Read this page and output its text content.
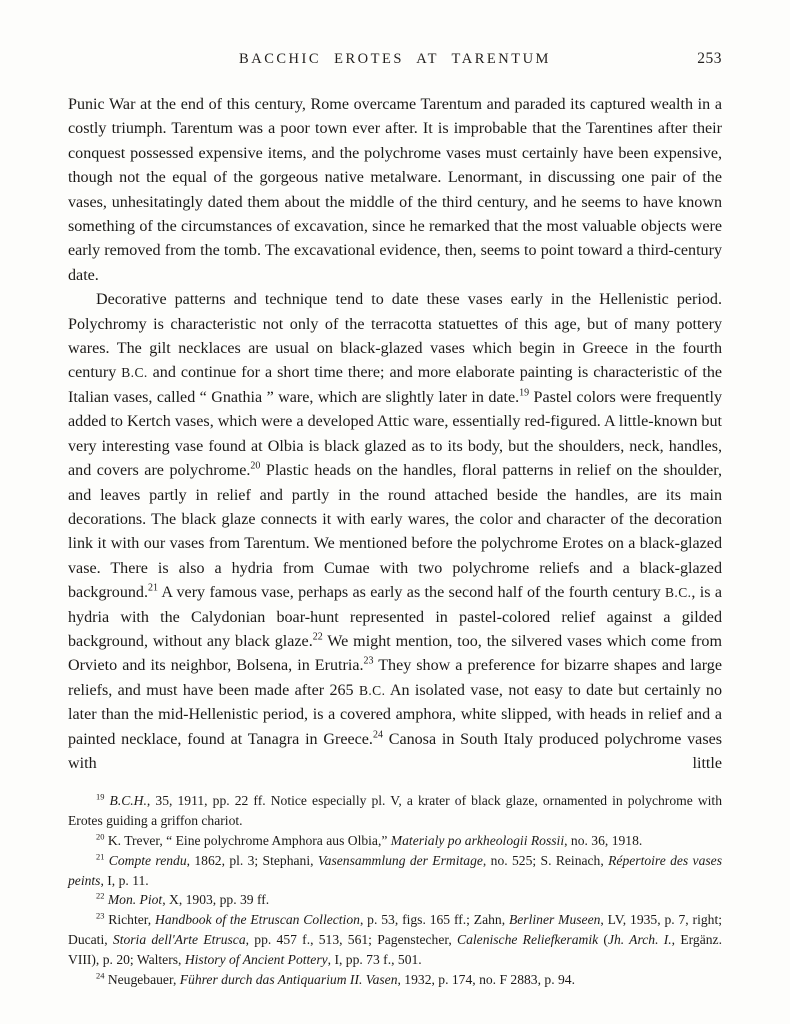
BACCHIC EROTES AT TARENTUM	253

Punic War at the end of this century, Rome overcame Tarentum and paraded its captured wealth in a costly triumph. Tarentum was a poor town ever after. It is improbable that the Tarentines after their conquest possessed expensive items, and the polychrome vases must certainly have been expensive, though not the equal of the gorgeous native metalware. Lenormant, in discussing one pair of the vases, unhesitatingly dated them about the middle of the third century, and he seems to have known something of the circumstances of excavation, since he remarked that the most valuable objects were early removed from the tomb. The excavational evidence, then, seems to point toward a third-century date.

Decorative patterns and technique tend to date these vases early in the Hellenistic period. Polychromy is characteristic not only of the terracotta statuettes of this age, but of many pottery wares. The gilt necklaces are usual on black-glazed vases which begin in Greece in the fourth century B.C. and continue for a short time there; and more elaborate painting is characteristic of the Italian vases, called “ Gnathia ” ware, which are slightly later in date.$^{19}$ Pastel colors were frequently added to Kertch vases, which were a developed Attic ware, essentially red-figured. A little-known but very interesting vase found at Olbia is black glazed as to its body, but the shoulders, neck, handles, and covers are polychrome.$^{20}$ Plastic heads on the handles, floral patterns in relief on the shoulder, and leaves partly in relief and partly in the round attached beside the handles, are its main decorations. The black glaze connects it with early wares, the color and character of the decoration link it with our vases from Tarentum. We mentioned before the polychrome Erotes on a black-glazed vase. There is also a hydria from Cumae with two polychrome reliefs and a black-glazed background.$^{21}$ A very famous vase, perhaps as early as the second half of the fourth century B.C., is a hydria with the Calydonian boar-hunt represented in pastel-colored relief against a gilded background, without any black glaze.$^{22}$ We might mention, too, the silvered vases which come from Orvieto and its neighbor, Bolsena, in Erutria.$^{23}$ They show a preference for bizarre shapes and large reliefs, and must have been made after 265 B.C. An isolated vase, not easy to date but certainly no later than the mid-Hellenistic period, is a covered amphora, white slipped, with heads in relief and a painted necklace, found at Tanagra in Greece.$^{24}$ Canosa in South Italy produced polychrome vases with little

$^{19}$ B.C.H., 35, 1911, pp. 22 ff. Notice especially pl. V, a krater of black glaze, ornamented in polychrome with Erotes guiding a griffon chariot.

$^{20}$ K. Trever, “ Eine polychrome Amphora aus Olbia,” Materialy po arkheologii Rossii, no. 36, 1918.

$^{21}$ Compte rendu, 1862, pl. 3; Stephani, Vasensammlung der Ermitage, no. 525; S. Reinach, Répertoire des vases peints, I, p. 11.

$^{22}$ Mon. Piot, X, 1903, pp. 39 ff.

$^{23}$ Richter, Handbook of the Etruscan Collection, p. 53, figs. 165 ff.; Zahn, Berliner Museen, LV, 1935, p. 7, right; Ducati, Storia dell'Arte Etrusca, pp. 457 f., 513, 561; Pagenstecher, Calenische Reliefkeramik (Jh. Arch. I., Ergänz. VIII), p. 20; Walters, History of Ancient Pottery, I, pp. 73 f., 501.

$^{24}$ Neugebauer, Führer durch das Antiquarium II. Vasen, 1932, p. 174, no. F 2883, p. 94.
